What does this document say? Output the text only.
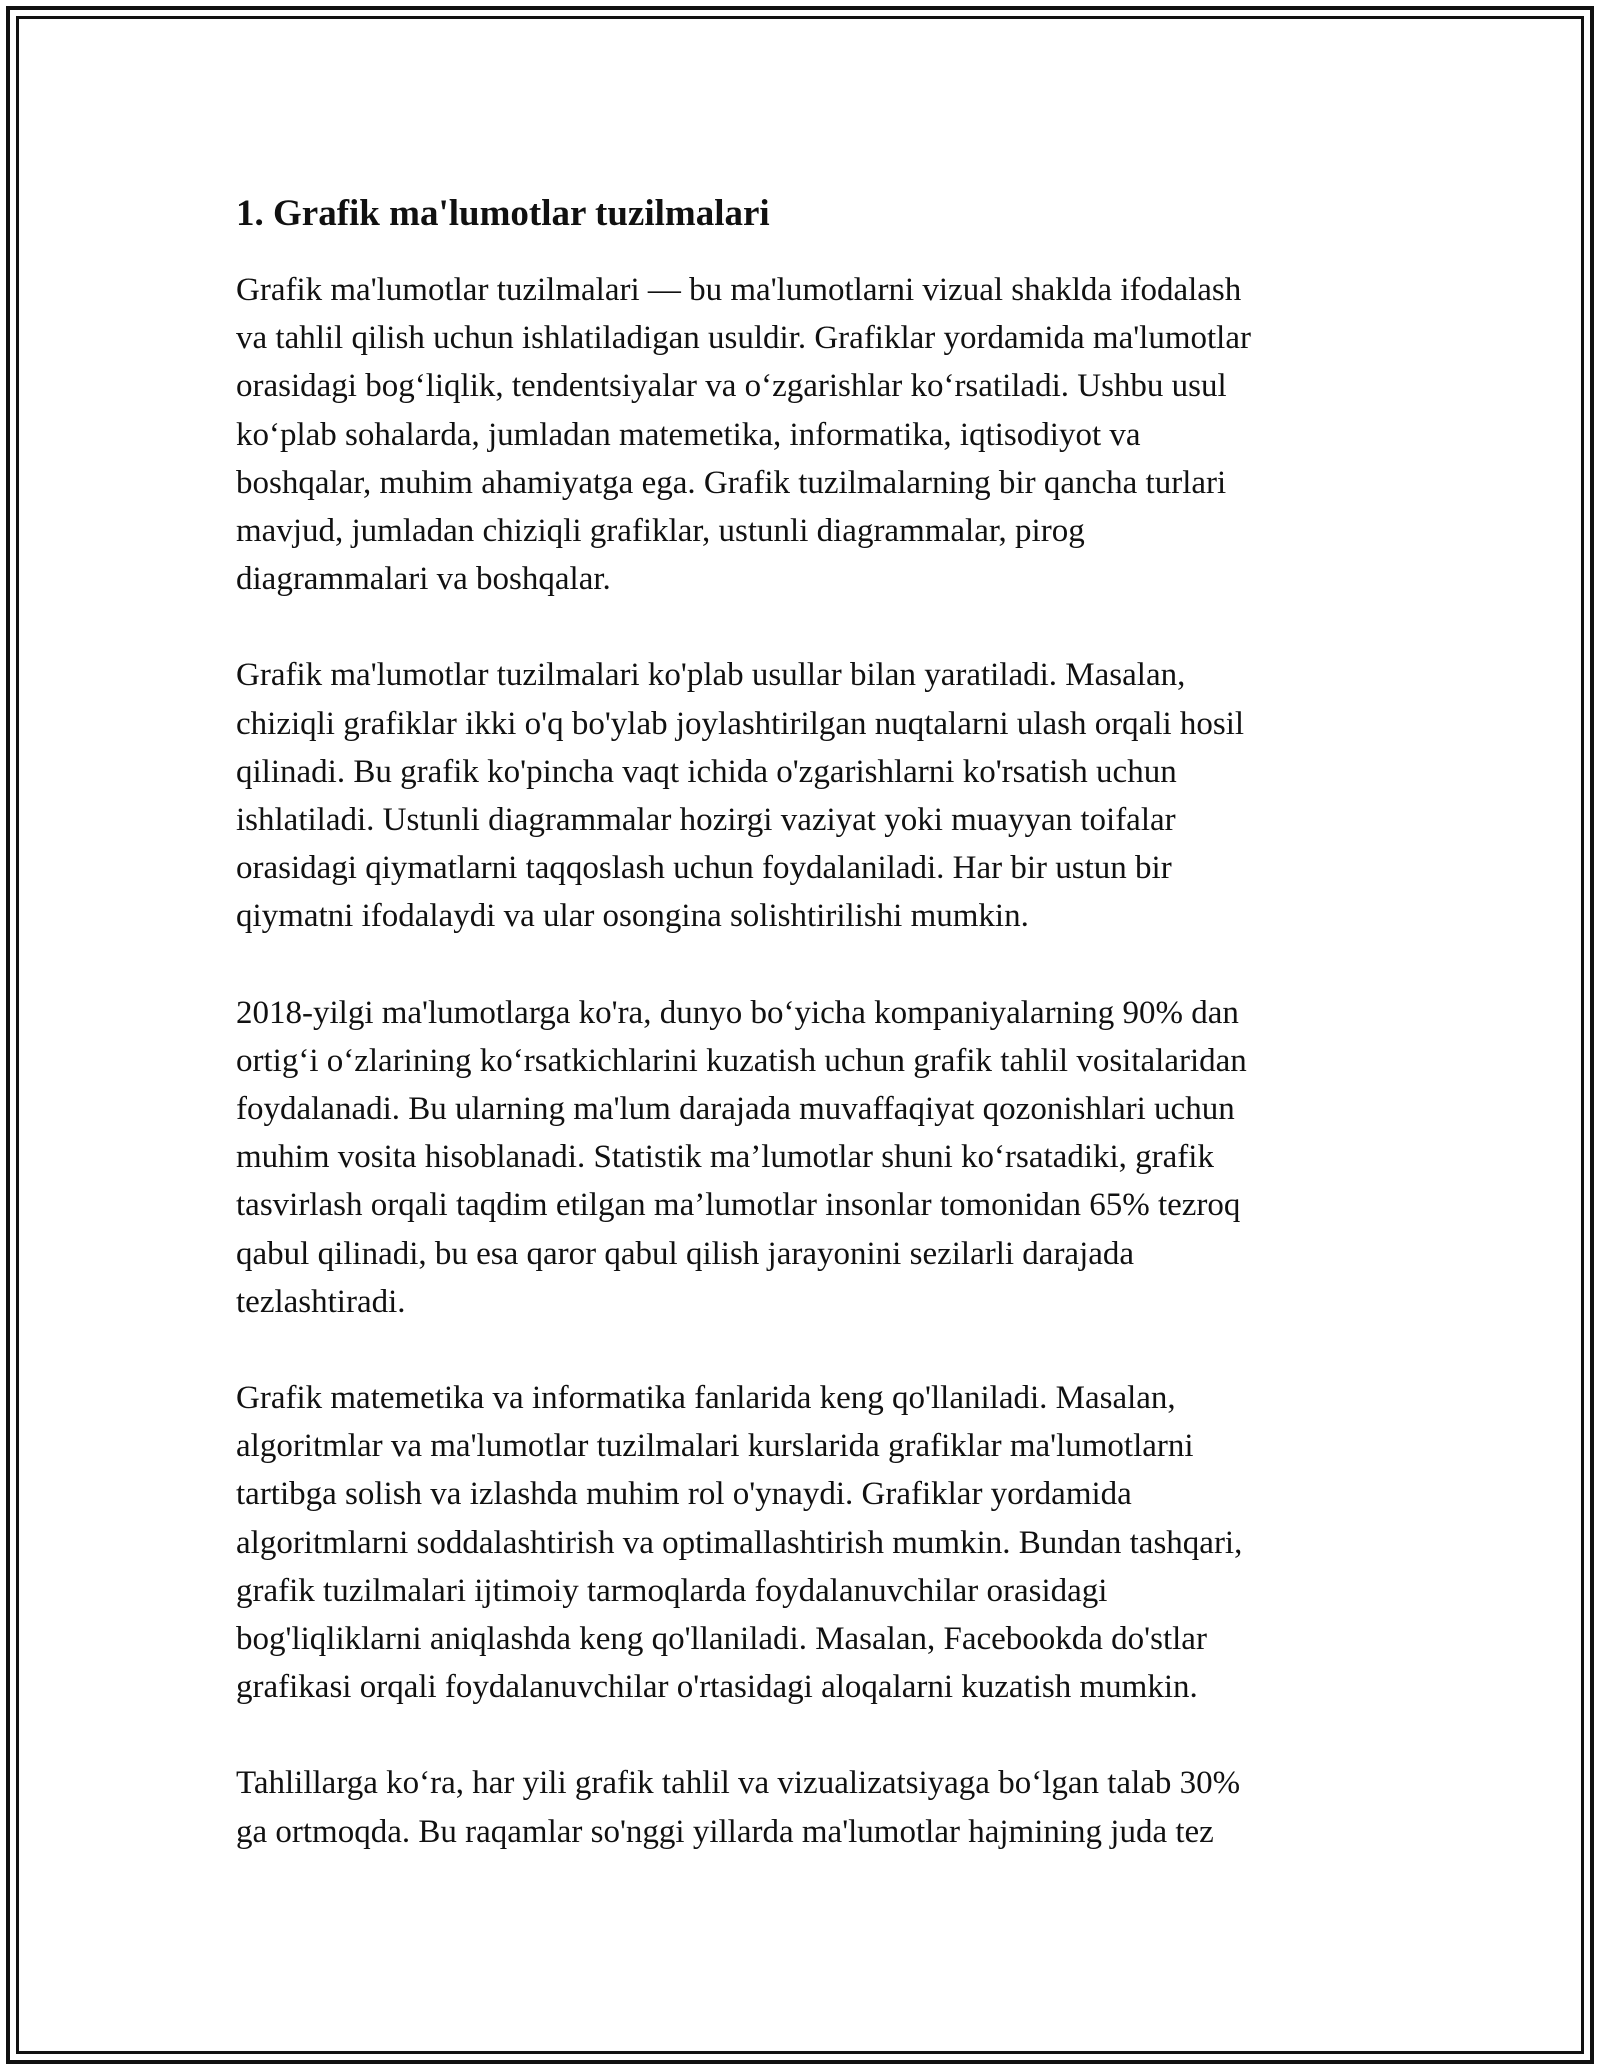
1. Grafik ma'lumotlar tuzilmalari

Grafik ma'lumotlar tuzilmalari — bu ma'lumotlarni vizual shaklda ifodalash
va tahlil qilish uchun ishlatiladigan usuldir. Grafiklar yordamida ma'lumotlar
orasidagi bog‘liqlik, tendentsiyalar va o‘zgarishlar ko‘rsatiladi. Ushbu usul
ko‘plab sohalarda, jumladan matemetika, informatika, iqtisodiyot va
boshqalar, muhim ahamiyatga ega. Grafik tuzilmalarning bir qancha turlari
mavjud, jumladan chiziqli grafiklar, ustunli diagrammalar, pirog
diagrammalari va boshqalar.

Grafik ma'lumotlar tuzilmalari ko'plab usullar bilan yaratiladi. Masalan,
chiziqli grafiklar ikki o'q bo'ylab joylashtirilgan nuqtalarni ulash orqali hosil
qilinadi. Bu grafik ko'pincha vaqt ichida o'zgarishlarni ko'rsatish uchun
ishlatiladi. Ustunli diagrammalar hozirgi vaziyat yoki muayyan toifalar
orasidagi qiymatlarni taqqoslash uchun foydalaniladi. Har bir ustun bir
qiymatni ifodalaydi va ular osongina solishtirilishi mumkin.

2018-yilgi ma'lumotlarga ko'ra, dunyo bo‘yicha kompaniyalarning 90% dan
ortig‘i o‘zlarining ko‘rsatkichlarini kuzatish uchun grafik tahlil vositalaridan
foydalanadi. Bu ularning ma'lum darajada muvaffaqiyat qozonishlari uchun
muhim vosita hisoblanadi. Statistik ma’lumotlar shuni ko‘rsatadiki, grafik
tasvirlash orqali taqdim etilgan ma’lumotlar insonlar tomonidan 65% tezroq
qabul qilinadi, bu esa qaror qabul qilish jarayonini sezilarli darajada
tezlashtiradi.

Grafik matemetika va informatika fanlarida keng qo'llaniladi. Masalan,
algoritmlar va ma'lumotlar tuzilmalari kurslarida grafiklar ma'lumotlarni
tartibga solish va izlashda muhim rol o'ynaydi. Grafiklar yordamida
algoritmlarni soddalashtirish va optimallashtirish mumkin. Bundan tashqari,
grafik tuzilmalari ijtimoiy tarmoqlarda foydalanuvchilar orasidagi
bog'liqliklarni aniqlashda keng qo'llaniladi. Masalan, Facebookda do'stlar
grafikasi orqali foydalanuvchilar o'rtasidagi aloqalarni kuzatish mumkin.

Tahlillarga ko‘ra, har yili grafik tahlil va vizualizatsiyaga bo‘lgan talab 30%
ga ortmoqda. Bu raqamlar so'nggi yillarda ma'lumotlar hajmining juda tez
